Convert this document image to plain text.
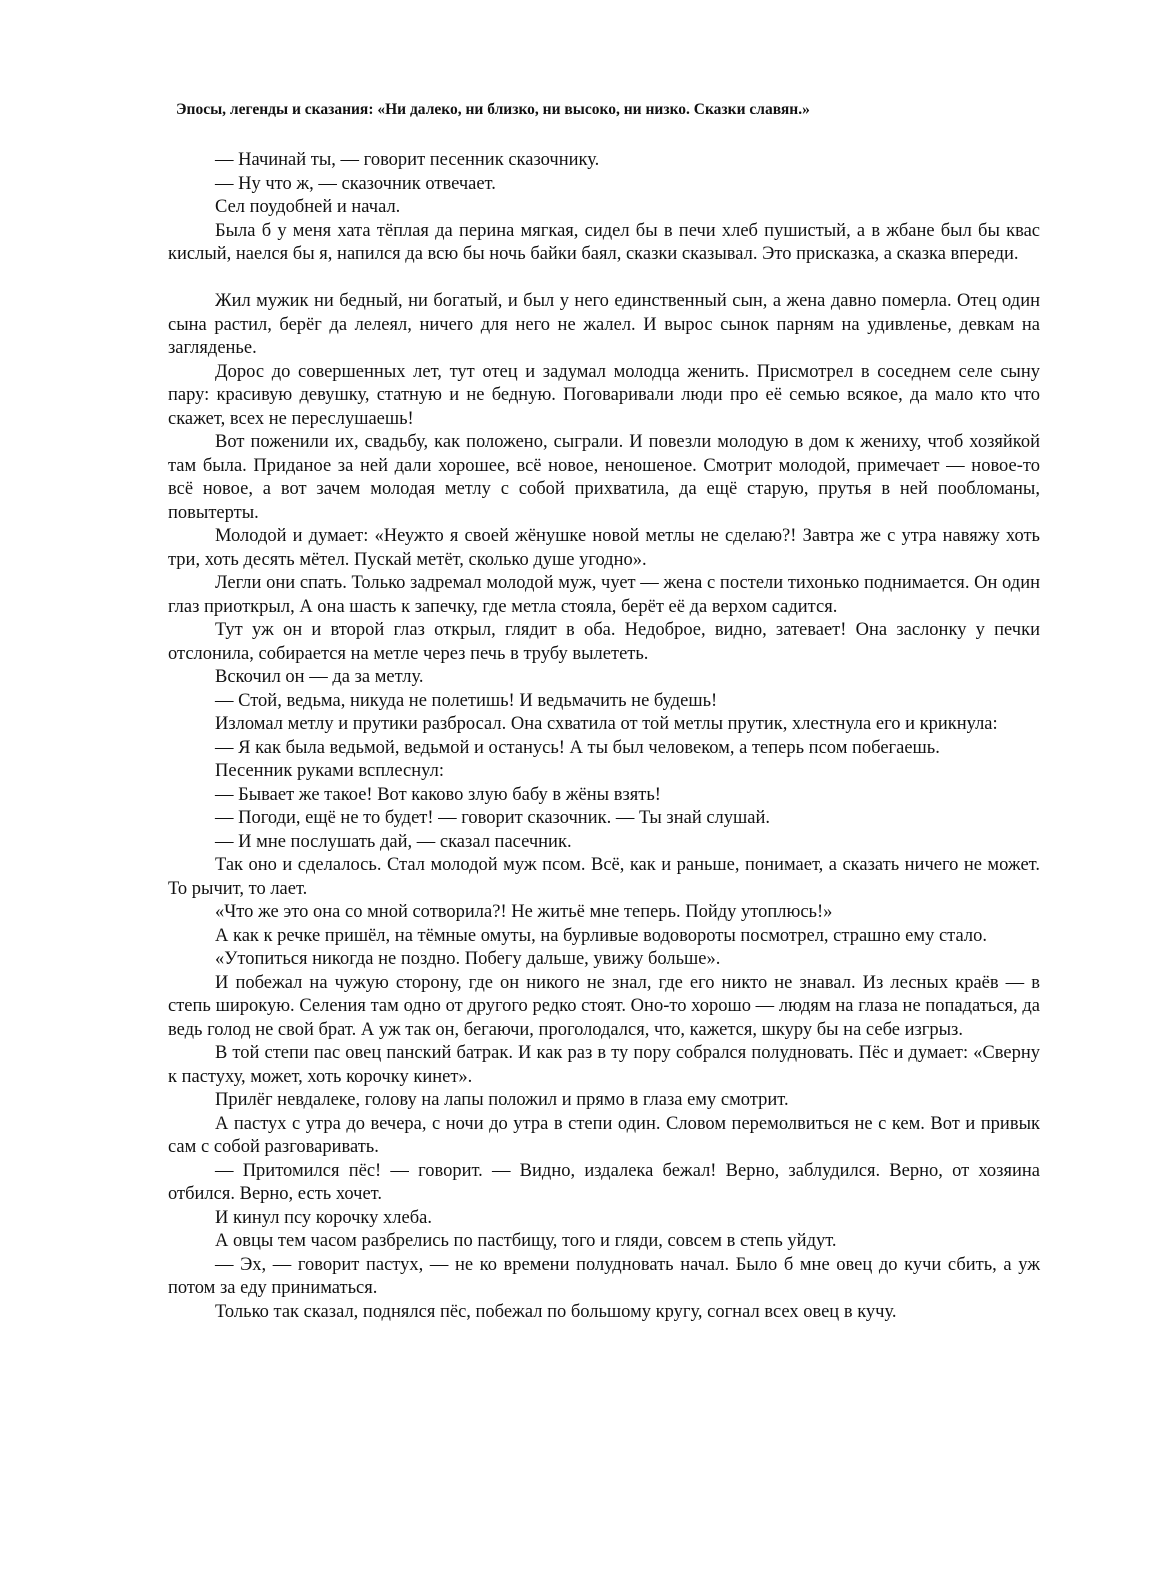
Эпосы, легенды и сказания: «Ни далеко, ни близко, ни высоко, ни низко. Сказки славян.»

— Начинай ты, — говорит песенник сказочнику.

— Ну что ж, — сказочник отвечает.

Сел поудобней и начал.

Была б у меня хата тёплая да перина мягкая, сидел бы в печи хлеб пушистый, а в жбане был бы квас кислый, наелся бы я, напился да всю бы ночь байки баял, сказки сказывал. Это присказка, а сказка впереди.

Жил мужик ни бедный, ни богатый, и был у него единственный сын, а жена давно померла. Отец один сына растил, берёг да лелеял, ничего для него не жалел. И вырос сынок парням на удивленье, девкам на загляденье.

Дорос до совершенных лет, тут отец и задумал молодца женить. Присмотрел в соседнем селе сыну пару: красивую девушку, статную и не бедную. Поговаривали люди про её семью всякое, да мало кто что скажет, всех не переслушаешь!

Вот поженили их, свадьбу, как положено, сыграли. И повезли молодую в дом к жениху, чтоб хозяйкой там была. Приданое за ней дали хорошее, всё новое, неношеное. Смотрит молодой, примечает — новое-то всё новое, а вот зачем молодая метлу с собой прихватила, да ещё старую, прутья в ней пообломаны, повытерты.

Молодой и думает: «Неужто я своей жёнушке новой метлы не сделаю?! Завтра же с утра навяжу хоть три, хоть десять мётел. Пускай метёт, сколько душе угодно».

Легли они спать. Только задремал молодой муж, чует — жена с постели тихонько поднимается. Он один глаз приоткрыл, А она шасть к запечку, где метла стояла, берёт её да верхом садится.

Тут уж он и второй глаз открыл, глядит в оба. Недоброе, видно, затевает! Она заслонку у печки отслонила, собирается на метле через печь в трубу вылететь.

Вскочил он — да за метлу.

— Стой, ведьма, никуда не полетишь! И ведьмачить не будешь!

Изломал метлу и прутики разбросал. Она схватила от той метлы прутик, хлестнула его и крикнула:

— Я как была ведьмой, ведьмой и останусь! А ты был человеком, а теперь псом побегаешь.

Песенник руками всплеснул:

— Бывает же такое! Вот каково злую бабу в жёны взять!

— Погоди, ещё не то будет! — говорит сказочник. — Ты знай слушай.

— И мне послушать дай, — сказал пасечник.

Так оно и сделалось. Стал молодой муж псом. Всё, как и раньше, понимает, а сказать ничего не может. То рычит, то лает.

«Что же это она со мной сотворила?! Не житьё мне теперь. Пойду утоплюсь!»

А как к речке пришёл, на тёмные омуты, на бурливые водовороты посмотрел, страшно ему стало.

«Утопиться никогда не поздно. Побегу дальше, увижу больше».

И побежал на чужую сторону, где он никого не знал, где его никто не знавал. Из лесных краёв — в степь широкую. Селения там одно от другого редко стоят. Оно-то хорошо — людям на глаза не попадаться, да ведь голод не свой брат. А уж так он, бегаючи, проголодался, что, кажется, шкуру бы на себе изгрыз.

В той степи пас овец панский батрак. И как раз в ту пору собрался полудновать. Пёс и думает: «Сверну к пастуху, может, хоть корочку кинет».

Прилёг невдалеке, голову на лапы положил и прямо в глаза ему смотрит.

А пастух с утра до вечера, с ночи до утра в степи один. Словом перемолвиться не с кем. Вот и привык сам с собой разговаривать.

— Притомился пёс! — говорит. — Видно, издалека бежал! Верно, заблудился. Верно, от хозяина отбился. Верно, есть хочет.

И кинул псу корочку хлеба.

А овцы тем часом разбрелись по пастбищу, того и гляди, совсем в степь уйдут.

— Эх, — говорит пастух, — не ко времени полудновать начал. Было б мне овец до кучи сбить, а уж потом за еду приниматься.

Только так сказал, поднялся пёс, побежал по большому кругу, согнал всех овец в кучу.
